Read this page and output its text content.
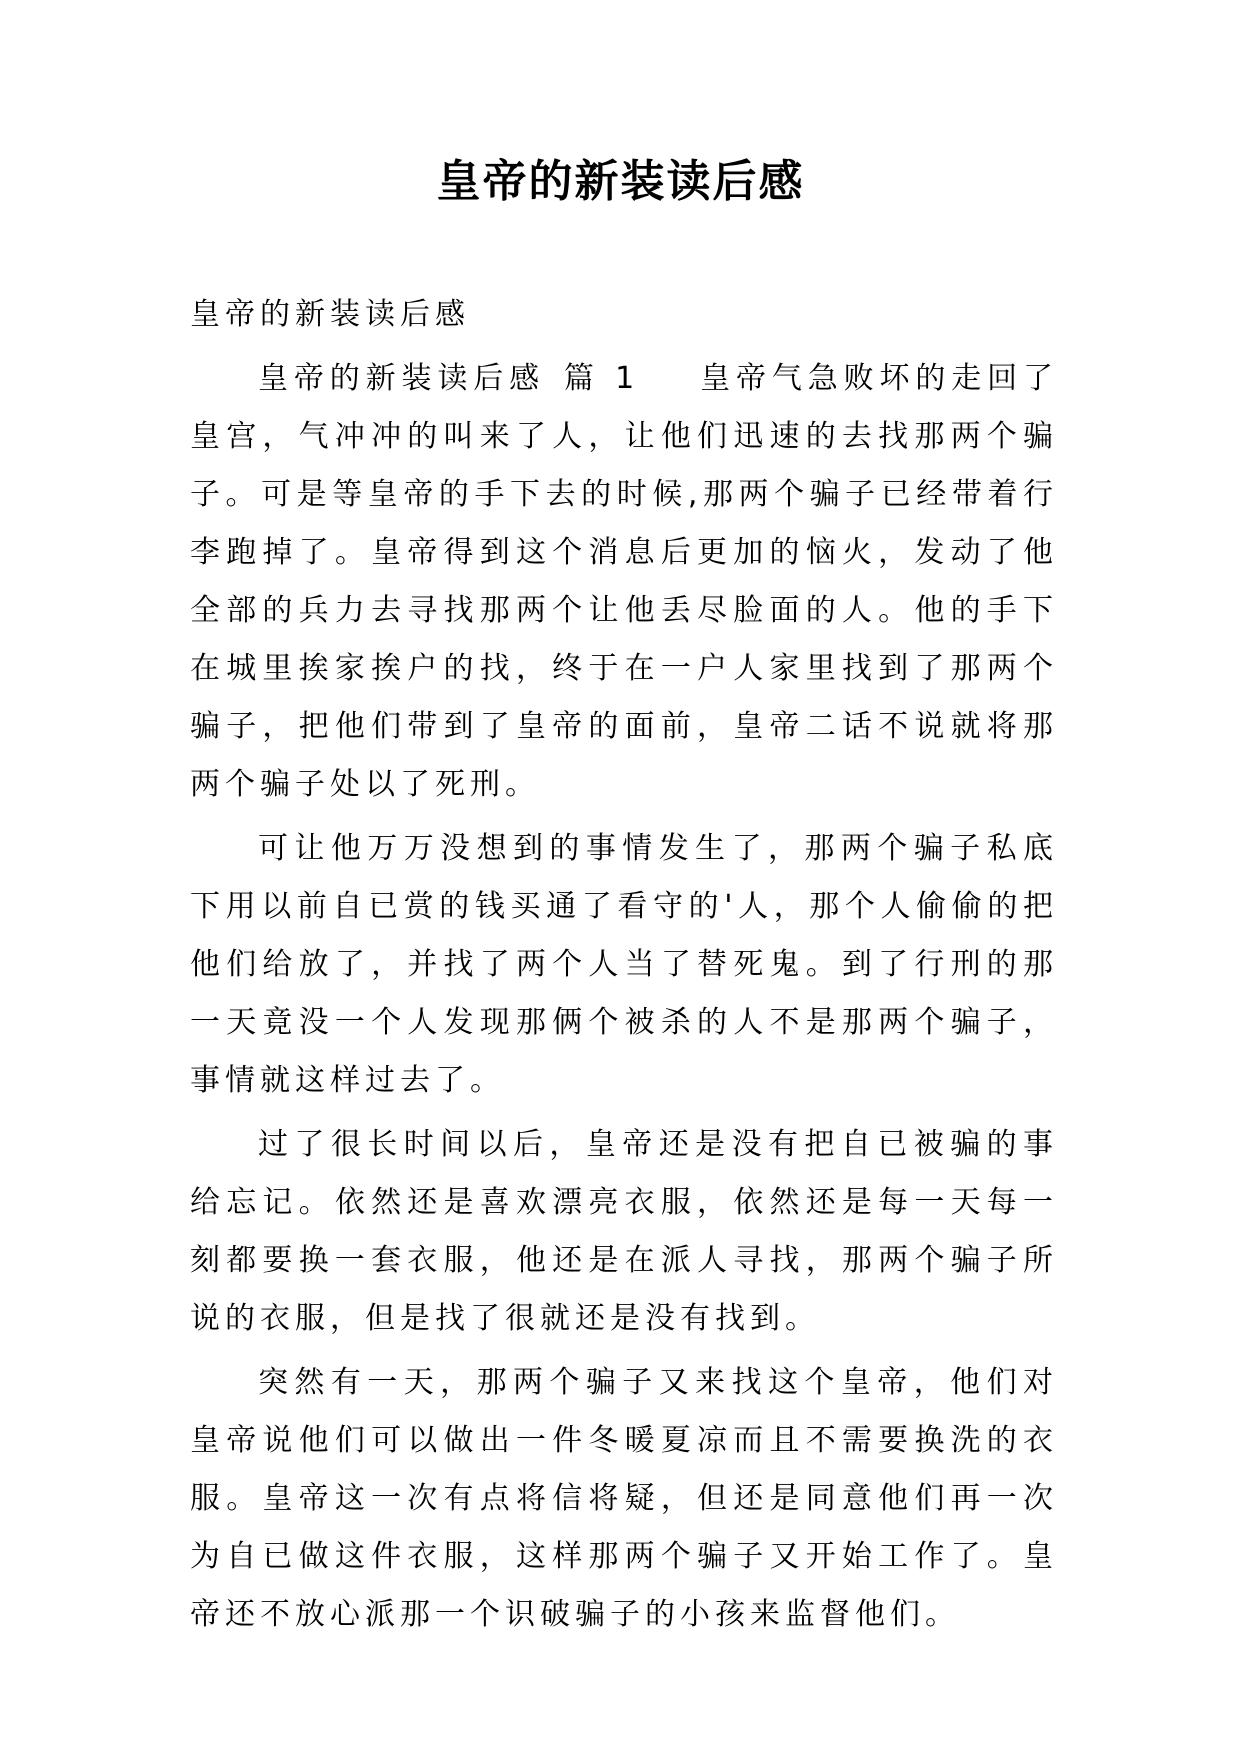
皇帝的新装读后感

皇帝的新装读后感

皇帝的新装读后感 篇 1 皇帝气急败坏的走回了皇宫，气冲冲的叫来了人，让他们迅速的去找那两个骗子。可是等皇帝的手下去的时候,那两个骗子已经带着行李跑掉了。皇帝得到这个消息后更加的恼火，发动了他全部的兵力去寻找那两个让他丢尽脸面的人。他的手下在城里挨家挨户的找，终于在一户人家里找到了那两个骗子，把他们带到了皇帝的面前，皇帝二话不说就将那两个骗子处以了死刑。

可让他万万没想到的事情发生了，那两个骗子私底下用以前自已赏的钱买通了看守的'人，那个人偷偷的把他们给放了，并找了两个人当了替死鬼。到了行刑的那一天竟没一个人发现那俩个被杀的人不是那两个骗子，事情就这样过去了。

过了很长时间以后，皇帝还是没有把自已被骗的事给忘记。依然还是喜欢漂亮衣服，依然还是每一天每一刻都要换一套衣服，他还是在派人寻找，那两个骗子所说的衣服，但是找了很就还是没有找到。

突然有一天，那两个骗子又来找这个皇帝，他们对皇帝说他们可以做出一件冬暖夏凉而且不需要换洗的衣服。皇帝这一次有点将信将疑，但还是同意他们再一次为自已做这件衣服，这样那两个骗子又开始工作了。皇帝还不放心派那一个识破骗子的小孩来监督他们。
